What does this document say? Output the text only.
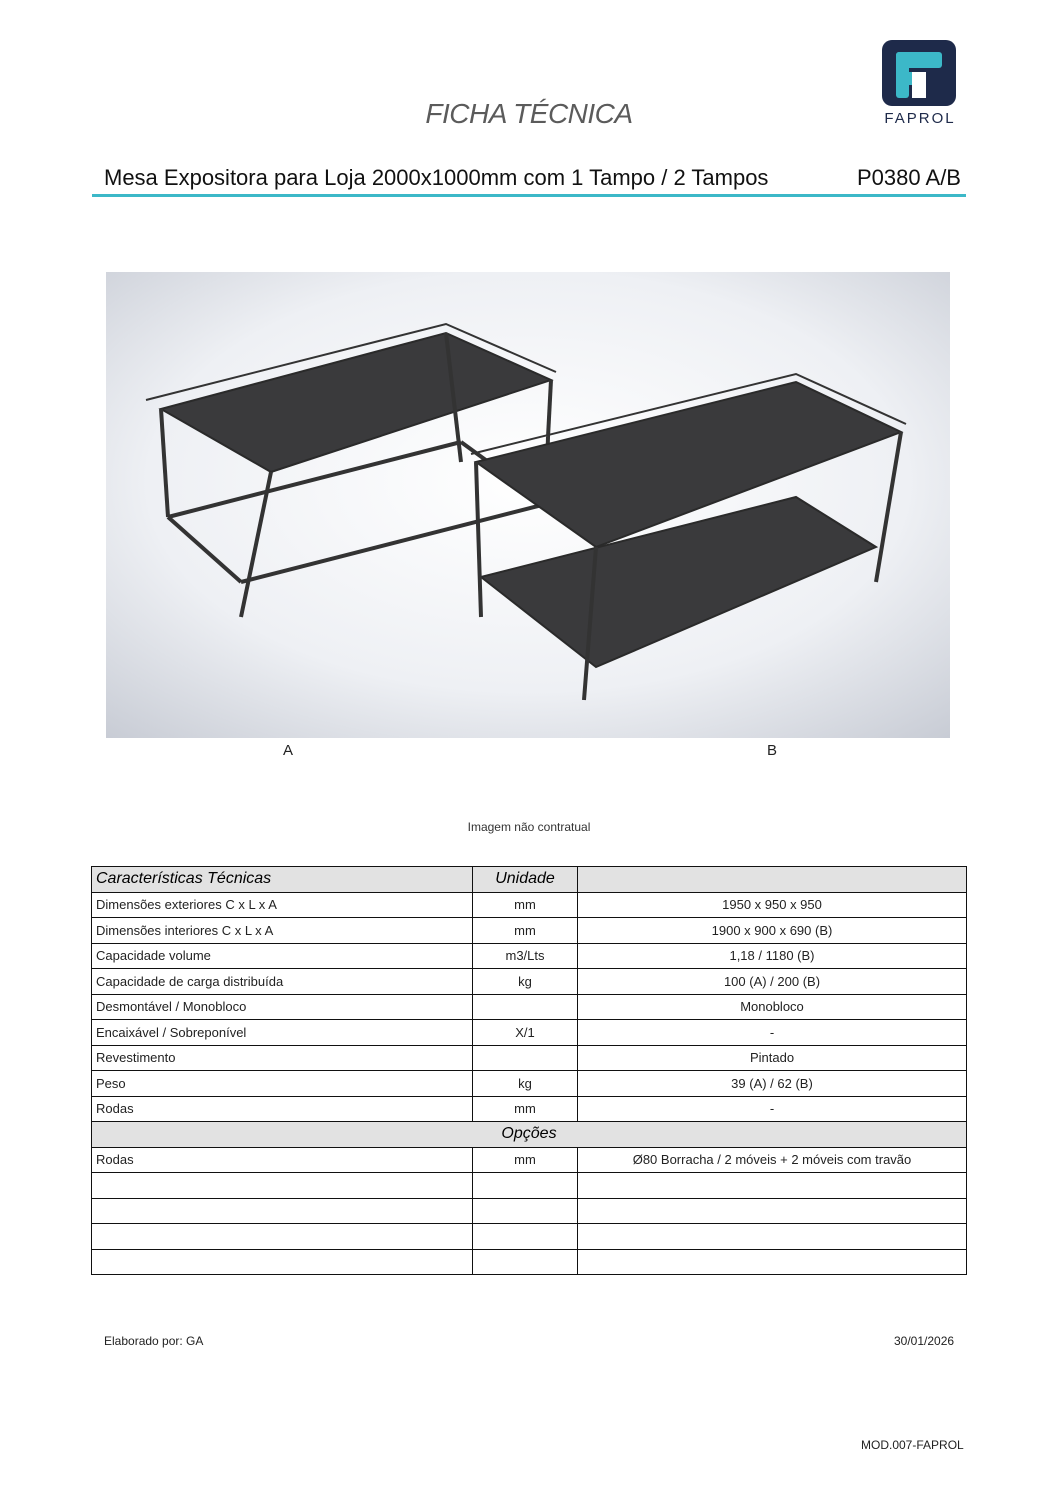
FICHA TÉCNICA	FAPROL
Mesa Expositora para Loja 2000x1000mm com 1 Tampo / 2 Tampos	P0380 A/B
A	B
Imagem não contratual
Características Técnicas	Unidade	
Dimensões exteriores C x L x A	mm	1950 x 950 x 950
Dimensões interiores C x L x A	mm	1900 x 900 x 690 (B)
Capacidade volume	m3/Lts	1,18 / 1180 (B)
Capacidade de carga distribuída	kg	100 (A) / 200 (B)
Desmontável / Monobloco		Monobloco
Encaixável / Sobreponível	X/1	-
Revestimento		Pintado
Peso	kg	39 (A) / 62 (B)
Rodas	mm	-
Opções		
Rodas	mm	Ø80 Borracha / 2 móveis + 2 móveis com travão

Elaborado por: GA	30/01/2026
MOD.007-FAPROL
